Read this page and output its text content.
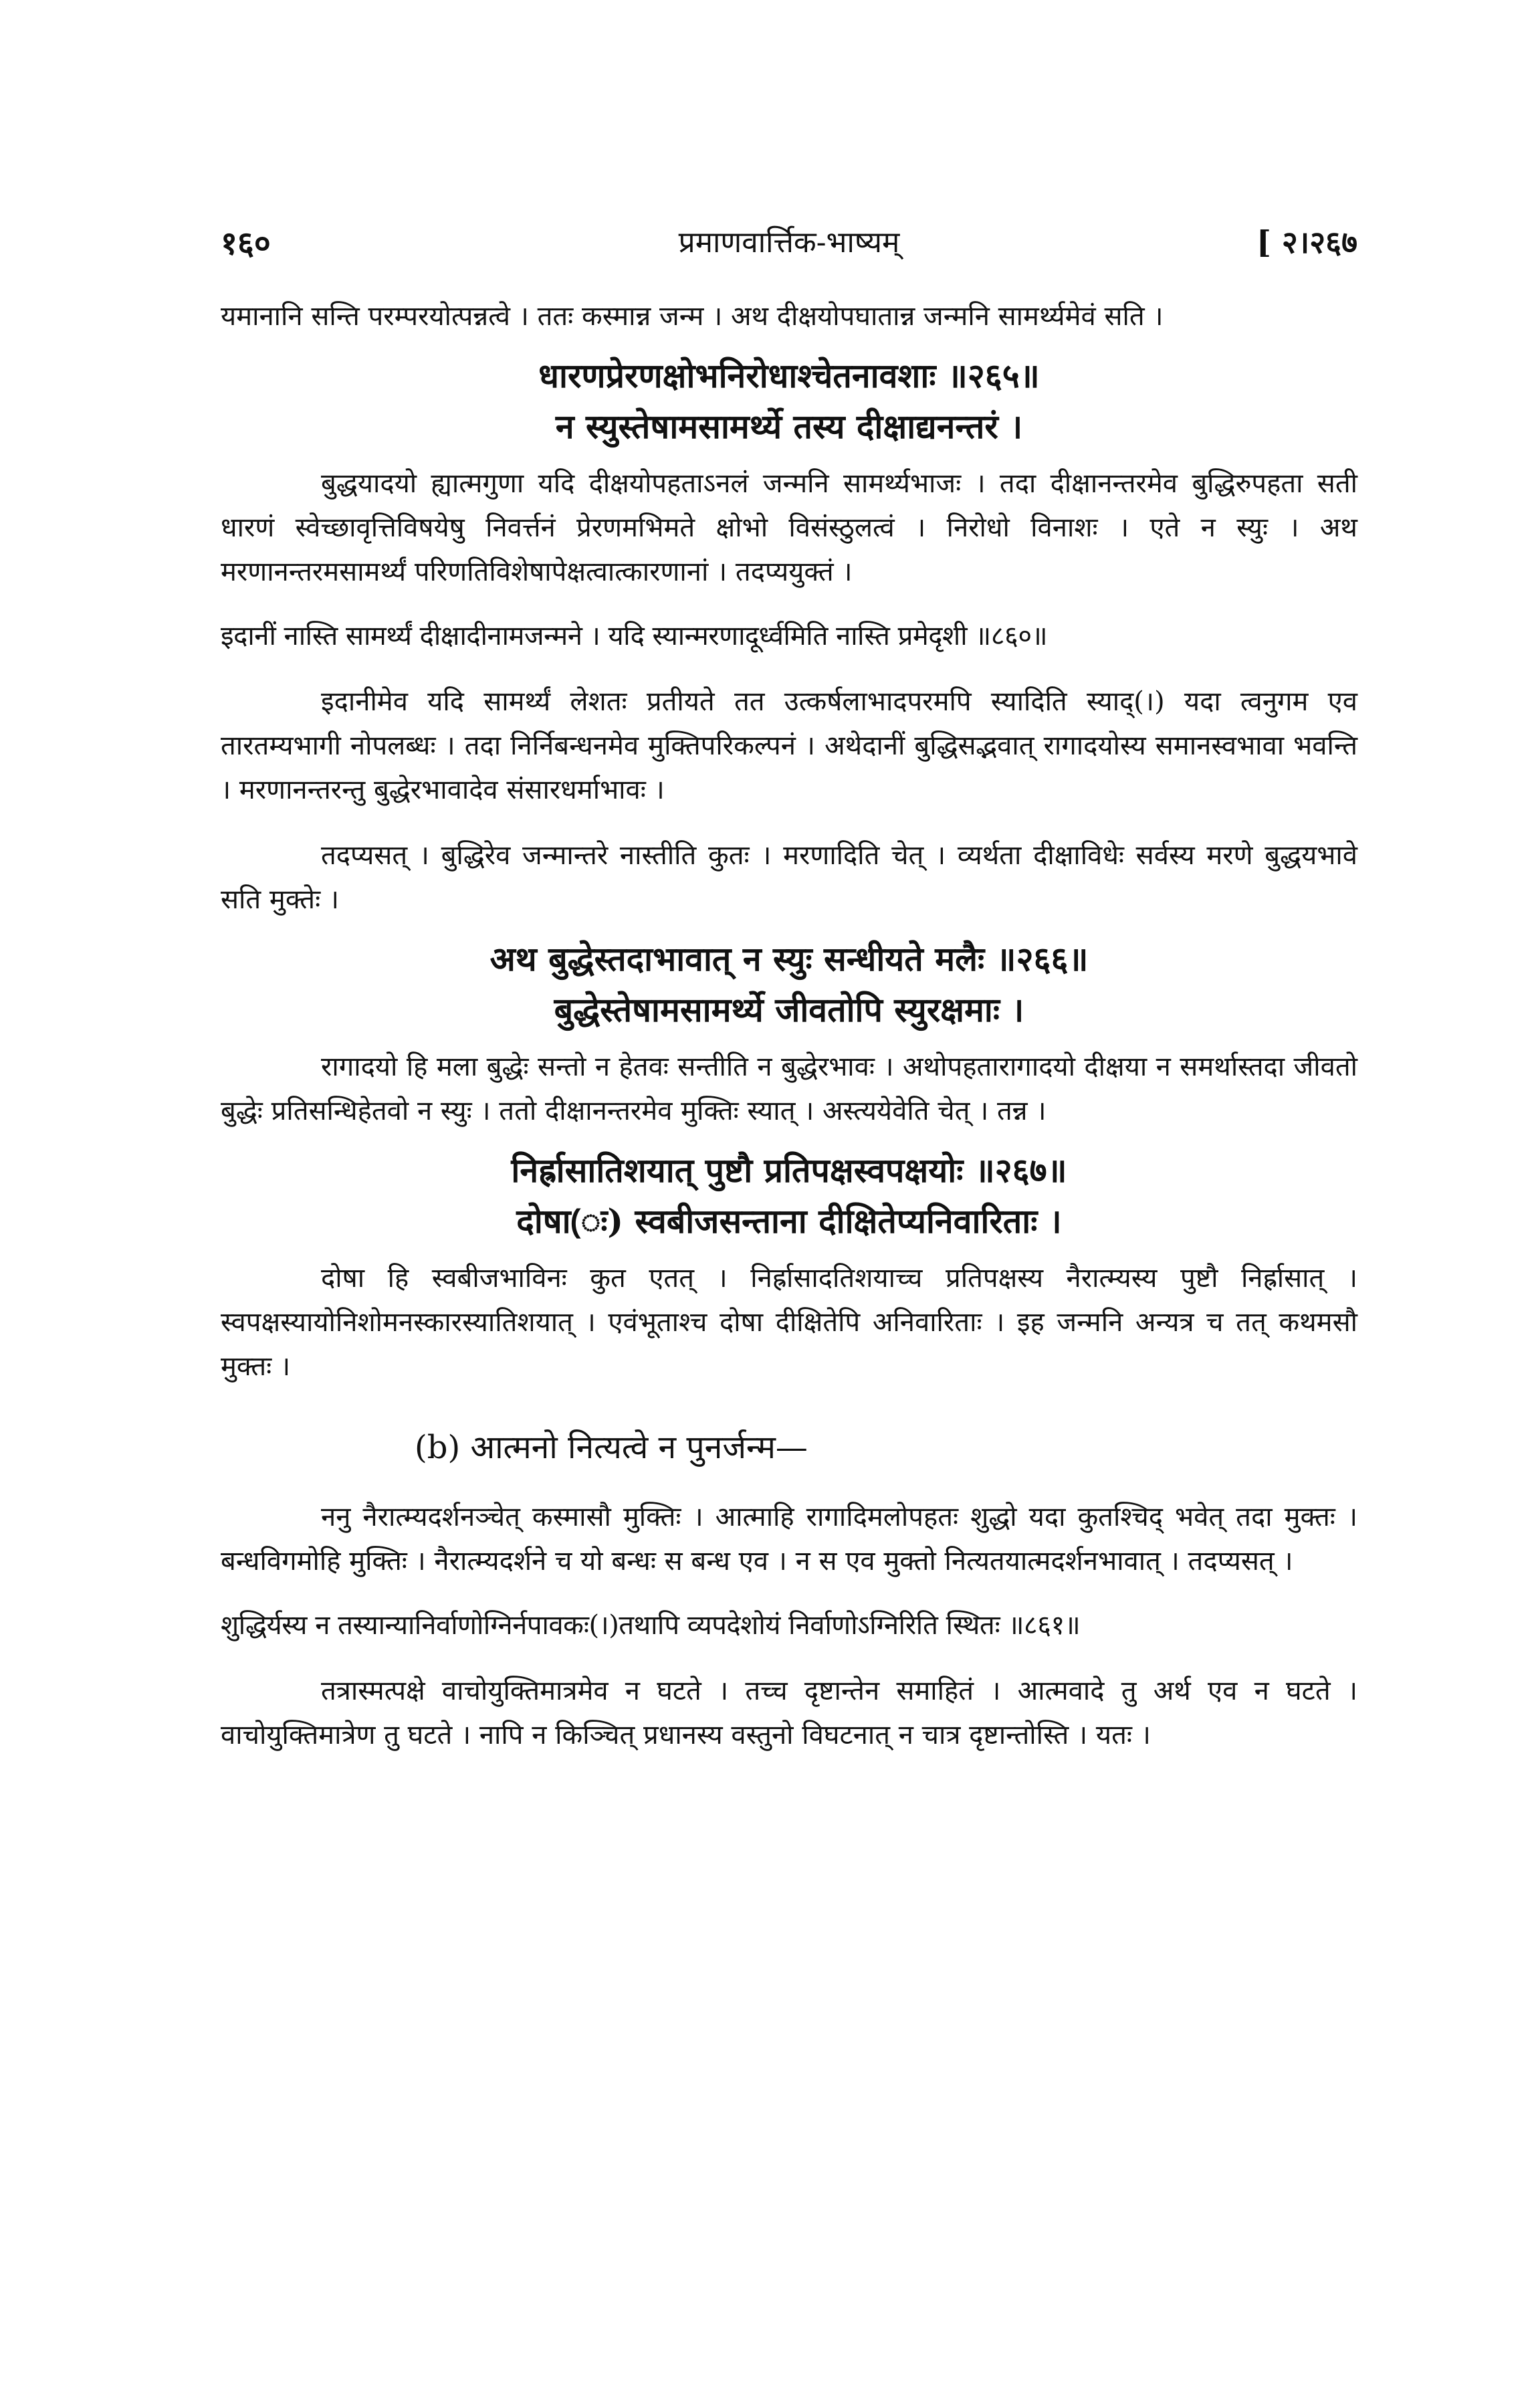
१६०	प्रमाणवार्त्तिक-भाष्यम्	[ २।२६७

यमानानि सन्ति परम्परयोत्पन्नत्वे । ततः कस्मान्न जन्म । अथ दीक्षयोपघातान्न जन्मनि सामर्थ्यमेवं सति ।

धारणप्रेरणक्षोभनिरोधाश्चेतनावशाः ॥२६५॥
न स्युस्तेषामसामर्थ्ये तस्य दीक्षाद्यनन्तरं ।

बुद्धयादयो ह्यात्मगुणा यदि दीक्षयोपहताऽनलं जन्मनि सामर्थ्यभाजः । तदा दीक्षानन्तरमेव बुद्धिरुपहता सती धारणं स्वेच्छावृत्तिविषयेषु निवर्त्तनं प्रेरणमभिमते क्षोभो विसंस्ठुलत्वं । निरोधो विनाशः । एते न स्युः । अथ मरणानन्तरमसामर्थ्यं परिणतिविशेषापेक्षत्वात्कारणानां । तदप्ययुक्तं ।

इदानीं नास्ति सामर्थ्यं दीक्षादीनामजन्मने । यदि स्यान्मरणादूर्ध्वमिति नास्ति प्रमेदृशी ॥८६०॥

इदानीमेव यदि सामर्थ्यं लेशतः प्रतीयते तत उत्कर्षलाभादपरमपि स्यादिति स्याद्(।) यदा त्वनुगम एव तारतम्यभागी नोपलब्धः । तदा निर्निबन्धनमेव मुक्तिपरिकल्पनं । अथेदानीं बुद्धिसद्भवात् रागादयोस्य समानस्वभावा भवन्ति । मरणानन्तरन्तु बुद्धेरभावादेव संसारधर्माभावः ।

तदप्यसत् । बुद्धिरेव जन्मान्तरे नास्तीति कुतः । मरणादिति चेत् । व्यर्थता दीक्षाविधेः सर्वस्य मरणे बुद्धयभावे सति मुक्तेः ।

अथ बुद्धेस्तदाभावात् न स्युः सन्धीयते मलैः ॥२६६॥
बुद्धेस्तेषामसामर्थ्ये जीवतोपि स्युरक्षमाः ।

रागादयो हि मला बुद्धेः सन्तो न हेतवः सन्तीति न बुद्धेरभावः । अथोपहतारागादयो दीक्षया न समर्थास्तदा जीवतो बुद्धेः प्रतिसन्धिहेतवो न स्युः । ततो दीक्षानन्तरमेव मुक्तिः स्यात् । अस्त्ययेवेति चेत् । तन्न ।

निर्ह्रासातिशयात् पुष्टौ प्रतिपक्षस्वपक्षयोः ॥२६७॥
दोषा(ः) स्वबीजसन्ताना दीक्षितेप्यनिवारिताः ।

दोषा हि स्वबीजभाविनः कुत एतत् । निर्ह्रासादतिशयाच्च प्रतिपक्षस्य नैरात्म्यस्य पुष्टौ निर्ह्रासात् । स्वपक्षस्यायोनिशोमनस्कारस्यातिशयात् । एवंभूताश्च दोषा दीक्षितेपि अनिवारिताः । इह जन्मनि अन्यत्र च तत् कथमसौ मुक्तः ।

(b) आत्मनो नित्यत्वे न पुनर्जन्म—

ननु नैरात्म्यदर्शनञ्चेत् कस्मासौ मुक्तिः । आत्माहि रागादिमलोपहतः शुद्धो यदा कुतश्चिद् भवेत् तदा मुक्तः । बन्धविगमोहि मुक्तिः । नैरात्म्यदर्शने च यो बन्धः स बन्ध एव । न स एव मुक्तो नित्यतयात्मदर्शनभावात् । तदप्यसत् ।

शुद्धिर्यस्य न तस्यान्यानिर्वाणोग्निर्नपावकः(।)तथापि व्यपदेशोयं निर्वाणोऽग्निरिति स्थितः ॥८६१॥

तत्रास्मत्पक्षे वाचोयुक्तिमात्रमेव न घटते । तच्च दृष्टान्तेन समाहितं । आत्मवादे तु अर्थ एव न घटते । वाचोयुक्तिमात्रेण तु घटते । नापि न किञ्चित् प्रधानस्य वस्तुनो विघटनात् न चात्र दृष्टान्तोस्ति । यतः ।
